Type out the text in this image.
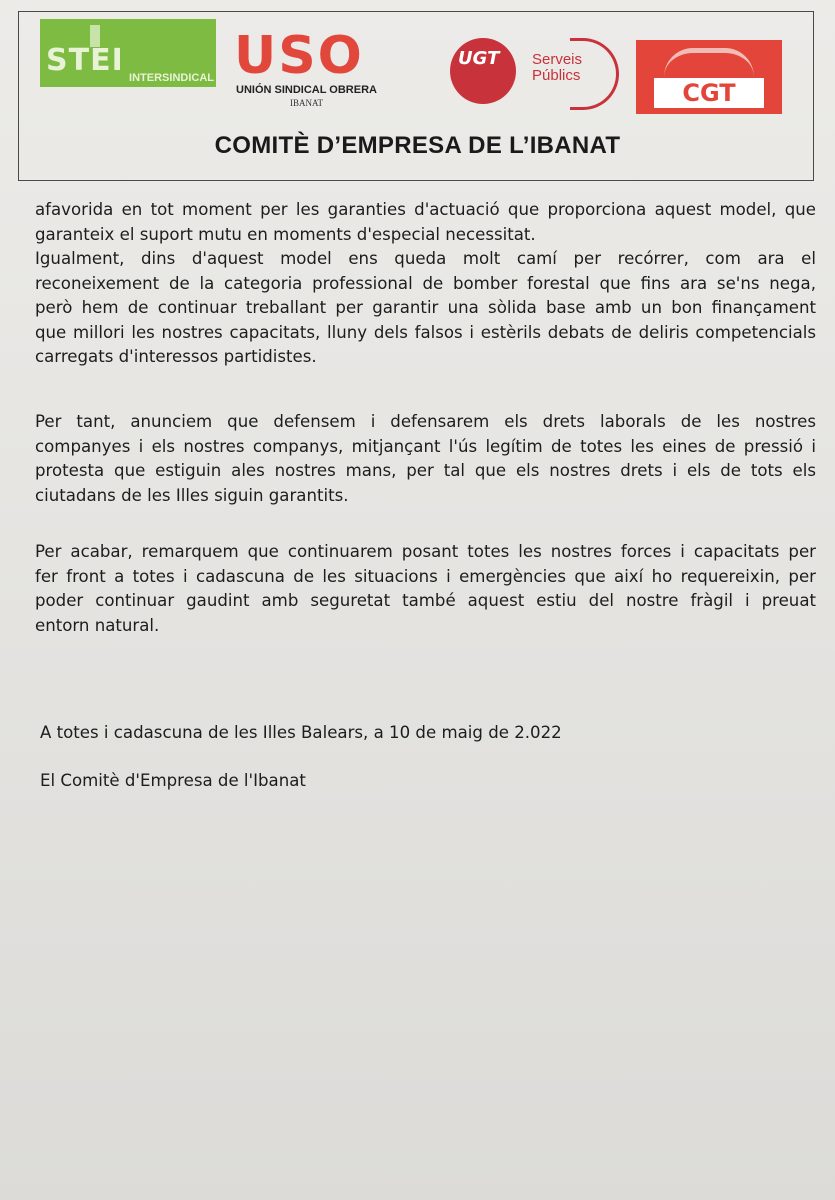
STEI INTERSINDICAL USO
UNIÓN SINDICAL OBRERA
IBANAT
UGT Serveis
Públics
CGT
COMITÈ D’EMPRESA DE L’IBANAT
afavorida en tot moment per les garanties d'actuació que proporciona aquest model, que
garanteix el suport mutu en moments d'especial necessitat.
Igualment, dins d'aquest model ens queda molt camí per recórrer, com ara el
reconeixement de la categoria professional de bomber forestal que fins ara se'ns nega,
però hem de continuar treballant per garantir una sòlida base amb un bon finançament
que millori les nostres capacitats, lluny dels falsos i estèrils debats de deliris competencials
carregats d'interessos partidistes.
Per tant, anunciem que defensem i defensarem els drets laborals de les nostres
companyes i els nostres companys, mitjançant l'ús legítim de totes les eines de pressió i
protesta que estiguin ales nostres mans, per tal que els nostres drets i els de tots els
ciutadans de les Illes siguin garantits.
Per acabar, remarquem que continuarem posant totes les nostres forces i capacitats per
fer front a totes i cadascuna de les situacions i emergències que així ho requereixin, per
poder continuar gaudint amb seguretat també aquest estiu del nostre fràgil i preuat
entorn natural.
A totes i cadascuna de les Illes Balears, a 10 de maig de 2.022
El Comitè d'Empresa de l'Ibanat
